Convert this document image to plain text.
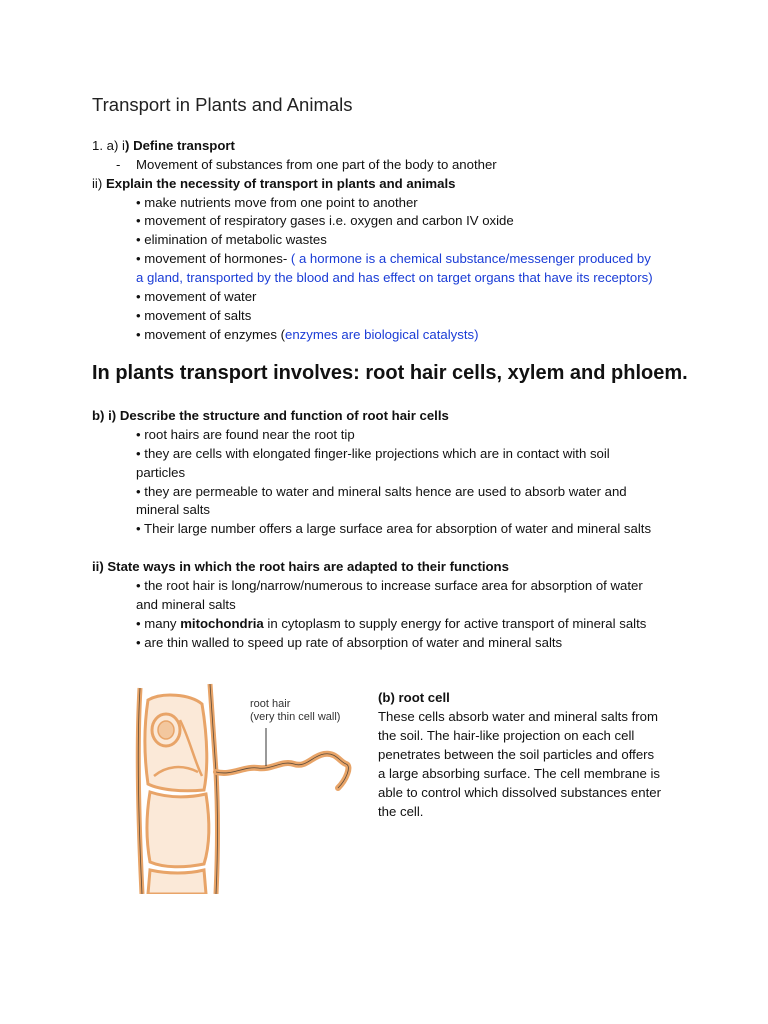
Transport in Plants and Animals
1. a) i) Define transport
- Movement of substances from one part of the body to another
ii) Explain the necessity of transport in plants and animals
• make nutrients move from one point to another
• movement of respiratory gases i.e. oxygen and carbon IV oxide
• elimination of metabolic wastes
• movement of hormones- ( a hormone is a chemical substance/messenger produced by
a gland, transported by the blood and has effect on target organs that have its receptors)
• movement of water
• movement of salts
• movement of enzymes (enzymes are biological catalysts)
In plants transport involves: root hair cells, xylem and phloem.
b) i) Describe the structure and function of root hair cells
• root hairs are found near the root tip
• they are cells with elongated finger-like projections which are in contact with soil
particles
• they are permeable to water and mineral salts hence are used to absorb water and
mineral salts
• Their large number offers a large surface area for absorption of water and mineral salts
ii) State ways in which the root hairs are adapted to their functions
• the root hair is long/narrow/numerous to increase surface area for absorption of water
and mineral salts
• many mitochondria in cytoplasm to supply energy for active transport of mineral salts
• are thin walled to speed up rate of absorption of water and mineral salts
root hair
(very thin cell wall)

(b) root cell

These cells absorb water and mineral salts from

the soil. The hair-like projection on each cell

penetrates between the soil particles and offers

a large absorbing surface. The cell membrane is

able to control which dissolved substances enter

the cell.
